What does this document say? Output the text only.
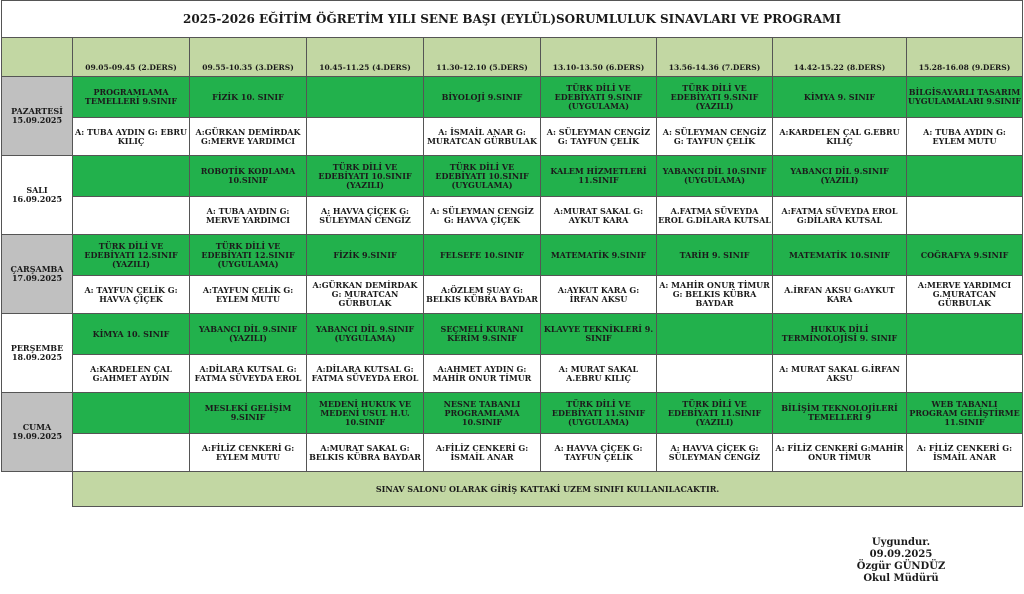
2025-2026 EĞİTİM ÖĞRETİM YILI SENE BAŞI (EYLÜL)SORUMLULUK SINAVLARI VE PROGRAMI								
	09.05-09.45 (2.DERS)	09.55-10.35 (3.DERS)	10.45-11.25 (4.DERS)	11.30-12.10 (5.DERS)	13.10-13.50 (6.DERS)	13.56-14.36 (7.DERS)	14.42-15.22 (8.DERS)	15.28-16.08 (9.DERS)

PAZARTESİ
15.09.2025	PROGRAMLAMA TEMELLERİ 9.SINIF	FİZİK 10. SINIF		BİYOLOJİ 9.SINIF	TÜRK DİLİ VE EDEBİYATI 9.SINIF (UYGULAMA)	TÜRK DİLİ VE EDEBİYATI 9.SINIF (YAZILI)	KİMYA 9. SINIF	BİLGİSAYARLI TASARIM UYGULAMALARI 9.SINIF
	A: TUBA AYDIN G: EBRU KILIÇ	A:GÜRKAN DEMİRDAK G:MERVE YARDIMCI		A: İSMAİL ANAR G: MURATCAN GÜRBULAK	A: SÜLEYMAN CENGİZ G: TAYFUN ÇELİK	A: SÜLEYMAN CENGİZ G: TAYFUN ÇELİK	A:KARDELEN ÇAL G.EBRU KILIÇ	A: TUBA AYDIN G: EYLEM MUTU

SALI
16.09.2025		ROBOTİK KODLAMA 10.SINIF	TÜRK DİLİ VE EDEBİYATI 10.SINIF (YAZILI)	TÜRK DİLİ VE EDEBİYATI 10.SINIF (UYGULAMA)	KALEM HİZMETLERİ 11.SINIF	YABANCI DİL 10.SINIF (UYGULAMA)	YABANCI DİL 9.SINIF (YAZILI)	
		A: TUBA AYDIN G: MERVE YARDIMCI	A: HAVVA ÇİÇEK G: SÜLEYMAN CENGİZ	A: SÜLEYMAN CENGİZ G: HAVVA ÇİÇEK	A:MURAT SAKAL G: AYKUT KARA	A.FATMA SÜVEYDA EROL G.DİLARA KUTSAL	A:FATMA SÜVEYDA EROL G:DİLARA KUTSAL	

ÇARŞAMBA
17.09.2025	TÜRK DİLİ VE EDEBİYATI 12.SINIF (YAZILI)	TÜRK DİLİ VE EDEBİYATI 12.SINIF (UYGULAMA)	FİZİK 9.SINIF	FELSEFE 10.SINIF	MATEMATİK 9.SINIF	TARİH 9. SINIF	MATEMATİK 10.SINIF	COĞRAFYA 9.SINIF
	A: TAYFUN ÇELİK G: HAVVA ÇİÇEK	A:TAYFUN ÇELİK G: EYLEM MUTU	A:GÜRKAN DEMİRDAK G: MURATCAN GÜRBULAK	A:ÖZLEM ŞUAY G: BELKIS KÜBRA BAYDAR	A:AYKUT KARA G: İRFAN AKSU	A: MAHİR ONUR TİMUR G: BELKIS KÜBRA BAYDAR	A.İRFAN AKSU G:AYKUT KARA	A:MERVE YARDIMCI G.MURATCAN GÜRBULAK

PERŞEMBE
18.09.2025	KİMYA 10. SINIF	YABANCI DİL 9.SINIF (YAZILI)	YABANCI DİL 9.SINIF (UYGULAMA)	SEÇMELİ KURANI KERİM 9.SINIF	KLAVYE TEKNİKLERİ 9. SINIF		HUKUK DİLİ TERMİNOLOJİSİ 9. SINIF	
	A:KARDELEN ÇAL G:AHMET AYDIN	A:DİLARA KUTSAL G: FATMA SÜVEYDA EROL	A:DİLARA KUTSAL G: FATMA SÜVEYDA EROL	A:AHMET AYDIN G: MAHİR ONUR TİMUR	A: MURAT SAKAL A.EBRU KILIÇ		A: MURAT SAKAL G.İRFAN AKSU	

CUMA
19.09.2025		MESLEKİ GELİŞİM 9.SINIF	MEDENİ HUKUK VE MEDENİ USUL H.U. 10.SINIF	NESNE TABANLI PROGRAMLAMA 10.SINIF	TÜRK DİLİ VE EDEBİYATI 11.SINIF (UYGULAMA)	TÜRK DİLİ VE EDEBİYATI 11.SINIF (YAZILI)	BİLİŞİM TEKNOLOJİLERİ TEMELLERİ 9	WEB TABANLI PROGRAM GELİŞTİRME 11.SINIF
		A:FİLİZ CENKERİ G: EYLEM MUTU	A:MURAT SAKAL G: BELKIS KÜBRA BAYDAR	A:FİLİZ CENKERİ G: İSMAİL ANAR	A: HAVVA ÇİÇEK G: TAYFUN ÇELİK	A: HAVVA ÇİÇEK G: SÜLEYMAN CENGİZ	A: FİLİZ CENKERİ G:MAHİR ONUR TİMUR	A: FİLİZ CENKERİ G: İSMAİL ANAR
	SINAV SALONU OLARAK GİRİŞ KATTAKİ UZEM SINIFI KULLANILACAKTIR.							
Uygundur.
09.09.2025
Özgür GÜNDÜZ
Okul Müdürü
